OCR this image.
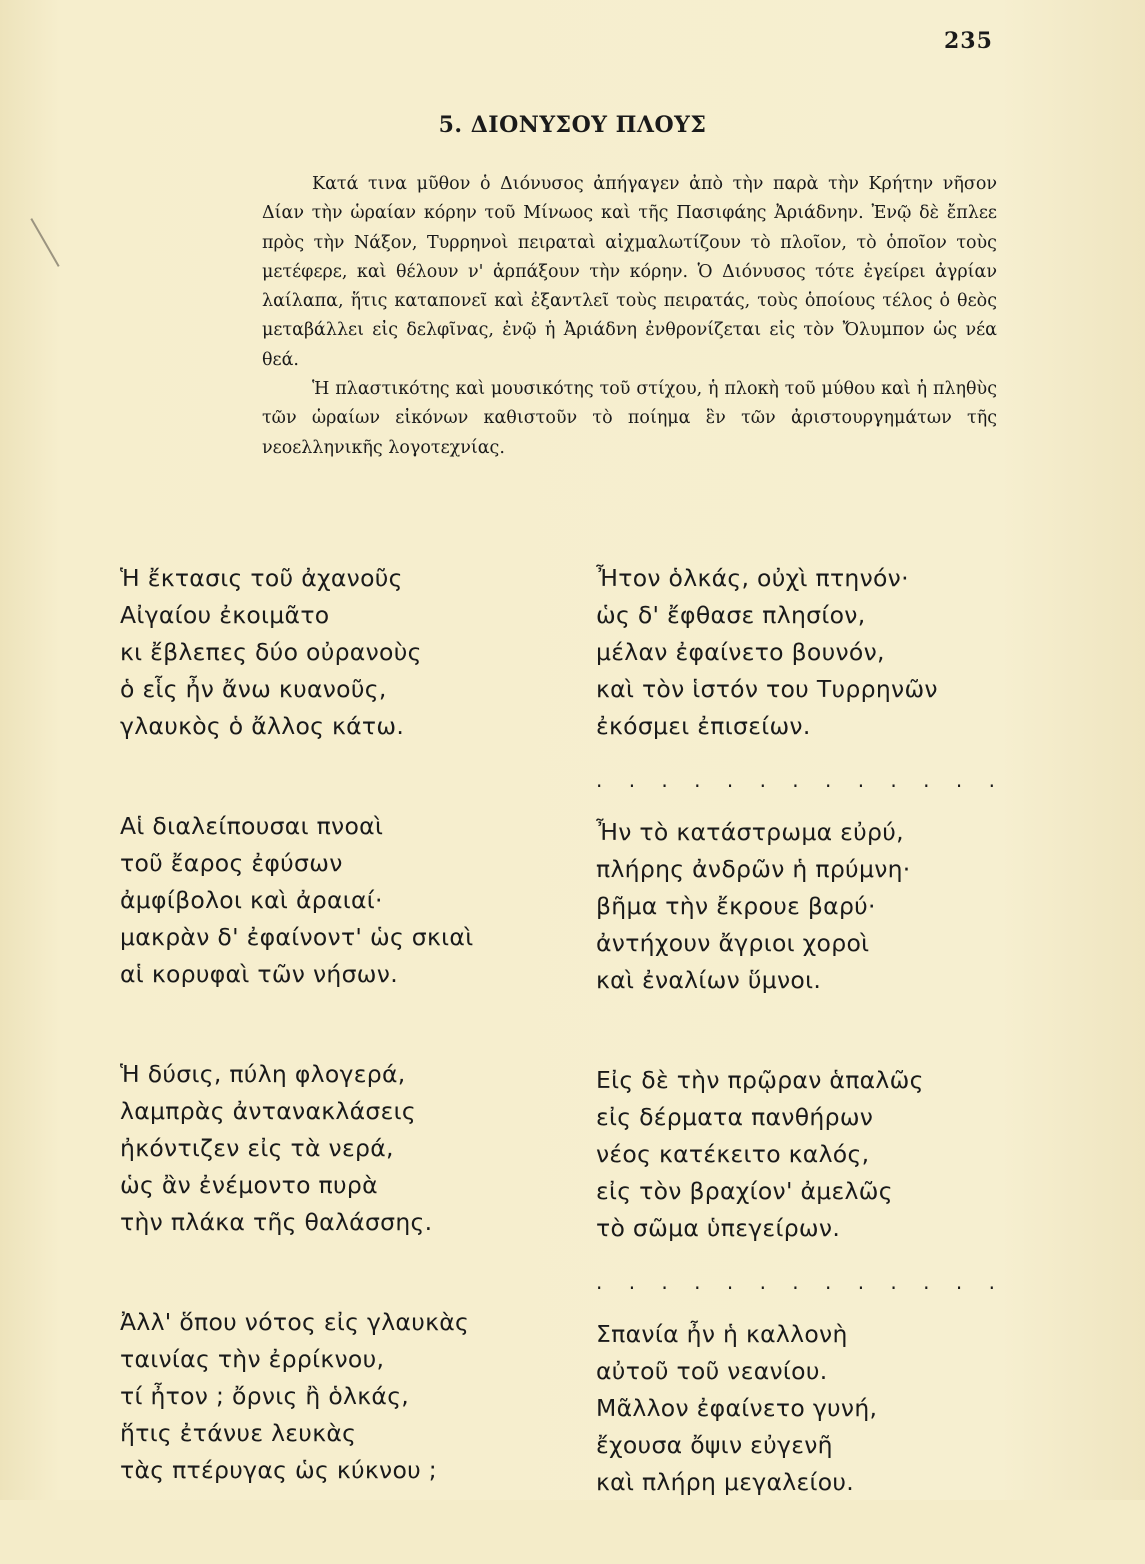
235
5. ΔΙΟΝΥΣΟΥ ΠΛΟΥΣ

Κατά τινα μῦθον ὁ Διόνυσος ἀπήγαγεν ἀπὸ τὴν παρὰ τὴν Κρήτην νῆσον Δίαν τὴν ὡραίαν κόρην τοῦ Μίνωος καὶ τῆς Πασιφάης Ἀριάδνην. Ἐνῷ δὲ ἔπλεε πρὸς τὴν Νάξον, Τυρρηνοὶ πειραταὶ αἰχμαλωτίζουν τὸ πλοῖον, τὸ ὁποῖον τοὺς μετέφερε, καὶ θέλουν ν' ἁρπάξουν τὴν κόρην. Ὁ Διόνυσος τότε ἐγείρει ἀγρίαν λαίλαπα, ἥτις καταπονεῖ καὶ ἐξαντλεῖ τοὺς πειρατάς, τοὺς ὁποίους τέλος ὁ θεὸς μεταβάλλει εἰς δελφῖνας, ἐνῷ ἡ Ἀριάδνη ἐνθρονίζεται εἰς τὸν Ὄλυμπον ὡς νέα θεά.

Ἡ πλαστικότης καὶ μουσικότης τοῦ στίχου, ἡ πλοκὴ τοῦ μύθου καὶ ἡ πληθὺς τῶν ὡραίων εἰκόνων καθιστοῦν τὸ ποίημα ἓν τῶν ἀριστουργημάτων τῆς νεοελληνικῆς λογοτεχνίας.

Ἡ ἔκτασις τοῦ ἀχανοῦς
Αἰγαίου ἐκοιμᾶτο
κι ἔβλεπες δύο οὐρανοὺς
ὁ εἷς ἦν ἄνω κυανοῦς,
γλαυκὸς ὁ ἄλλος κάτω.
Αἱ διαλείπουσαι πνοαὶ
τοῦ ἔαρος ἐφύσων
ἀμφίβολοι καὶ ἀραιαί·
μακρὰν δ' ἐφαίνοντ' ὡς σκιαὶ
αἱ κορυφαὶ τῶν νήσων.
Ἡ δύσις, πύλη φλογερά,
λαμπρὰς ἀντανακλάσεις
ἠκόντιζεν εἰς τὰ νερά,
ὡς ἂν ἐνέμοντο πυρὰ
τὴν πλάκα τῆς θαλάσσης.
Ἀλλ' ὅπου νότος εἰς γλαυκὰς
ταινίας τὴν ἐρρίκνου,
τί ἦτον ; ὄρνις ἢ ὁλκάς,
ἥτις ἐτάνυε λευκὰς
τὰς πτέρυγας ὡς κύκνου ;
Ἦτον ὁλκάς, οὐχὶ πτηνόν·
ὡς δ' ἔφθασε πλησίον,
μέλαν ἐφαίνετο βουνόν,
καὶ τὸν ἱστόν του Τυρρηνῶν
ἐκόσμει ἐπισείων.
. . . . . . . . . . . . .
Ἦν τὸ κατάστρωμα εὐρύ,
πλήρης ἀνδρῶν ἡ πρύμνη·
βῆμα τὴν ἔκρουε βαρύ·
ἀντήχουν ἄγριοι χοροὶ
καὶ ἐναλίων ὕμνοι.
Εἰς δὲ τὴν πρῷραν ἁπαλῶς
εἰς δέρματα πανθήρων
νέος κατέκειτο καλός,
εἰς τὸν βραχίον' ἀμελῶς
τὸ σῶμα ὑπεγείρων.
. . . . . . . . . . . . .
Σπανία ἦν ἡ καλλονὴ
αὐτοῦ τοῦ νεανίου.
Μᾶλλον ἐφαίνετο γυνή,
ἔχουσα ὄψιν εὐγενῆ
καὶ πλήρη μεγαλείου.
